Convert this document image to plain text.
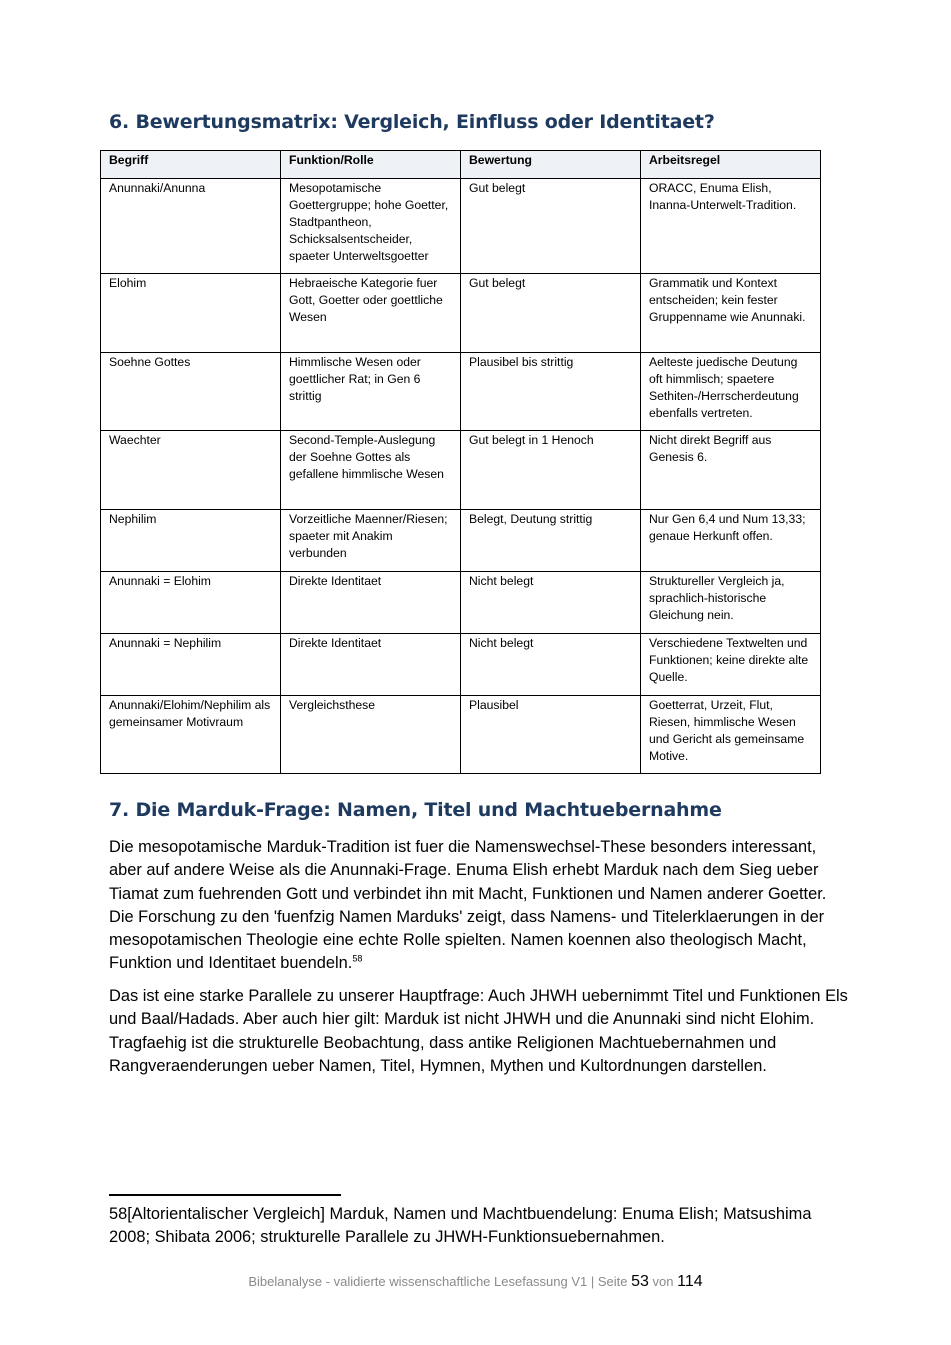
6. Bewertungsmatrix: Vergleich, Einfluss oder Identitaet?
Begriff	Funktion/Rolle	Bewertung	Arbeitsregel
Anunnaki/Anunna	Mesopotamische Goettergruppe; hohe Goetter, Stadtpantheon, Schicksalsentscheider, spaeter Unterweltsgoetter	Gut belegt	ORACC, Enuma Elish, Inanna-Unterwelt-Tradition.
Elohim	Hebraeische Kategorie fuer Gott, Goetter oder goettliche Wesen	Gut belegt	Grammatik und Kontext entscheiden; kein fester Gruppenname wie Anunnaki.
Soehne Gottes	Himmlische Wesen oder goettlicher Rat; in Gen 6 strittig	Plausibel bis strittig	Aelteste juedische Deutung oft himmlisch; spaetere Sethiten-/Herrscherdeutung ebenfalls vertreten.
Waechter	Second-Temple-Auslegung der Soehne Gottes als gefallene himmlische Wesen	Gut belegt in 1 Henoch	Nicht direkt Begriff aus Genesis 6.
Nephilim	Vorzeitliche Maenner/Riesen; spaeter mit Anakim verbunden	Belegt, Deutung strittig	Nur Gen 6,4 und Num 13,33; genaue Herkunft offen.
Anunnaki = Elohim	Direkte Identitaet	Nicht belegt	Struktureller Vergleich ja, sprachlich-historische Gleichung nein.
Anunnaki = Nephilim	Direkte Identitaet	Nicht belegt	Verschiedene Textwelten und Funktionen; keine direkte alte Quelle.
Anunnaki/Elohim/Nephilim als gemeinsamer Motivraum	Vergleichsthese	Plausibel	Goetterrat, Urzeit, Flut, Riesen, himmlische Wesen und Gericht als gemeinsame Motive.
7. Die Marduk-Frage: Namen, Titel und Machtuebernahme

Die mesopotamische Marduk-Tradition ist fuer die Namenswechsel-These besonders interessant, aber auf andere Weise als die Anunnaki-Frage. Enuma Elish erhebt Marduk nach dem Sieg ueber Tiamat zum fuehrenden Gott und verbindet ihn mit Macht, Funktionen und Namen anderer Goetter. Die Forschung zu den 'fuenfzig Namen Marduks' zeigt, dass Namens- und Titelerklaerungen in der mesopotamischen Theologie eine echte Rolle spielten. Namen koennen also theologisch Macht, Funktion und Identitaet buendeln.$^{58}$

Das ist eine starke Parallele zu unserer Hauptfrage: Auch JHWH uebernimmt Titel und Funktionen Els und Baal/Hadads. Aber auch hier gilt: Marduk ist nicht JHWH und die Anunnaki sind nicht Elohim. Tragfaehig ist die strukturelle Beobachtung, dass antike Religionen Machtuebernahmen und Rangveraenderungen ueber Namen, Titel, Hymnen, Mythen und Kultordnungen darstellen.

58[Altorientalischer Vergleich] Marduk, Namen und Machtbuendelung: Enuma Elish; Matsushima 2008; Shibata 2006; strukturelle Parallele zu JHWH-Funktionsuebernahmen.

Bibelanalyse - validierte wissenschaftliche Lesefassung V1 | Seite 53 von 114
